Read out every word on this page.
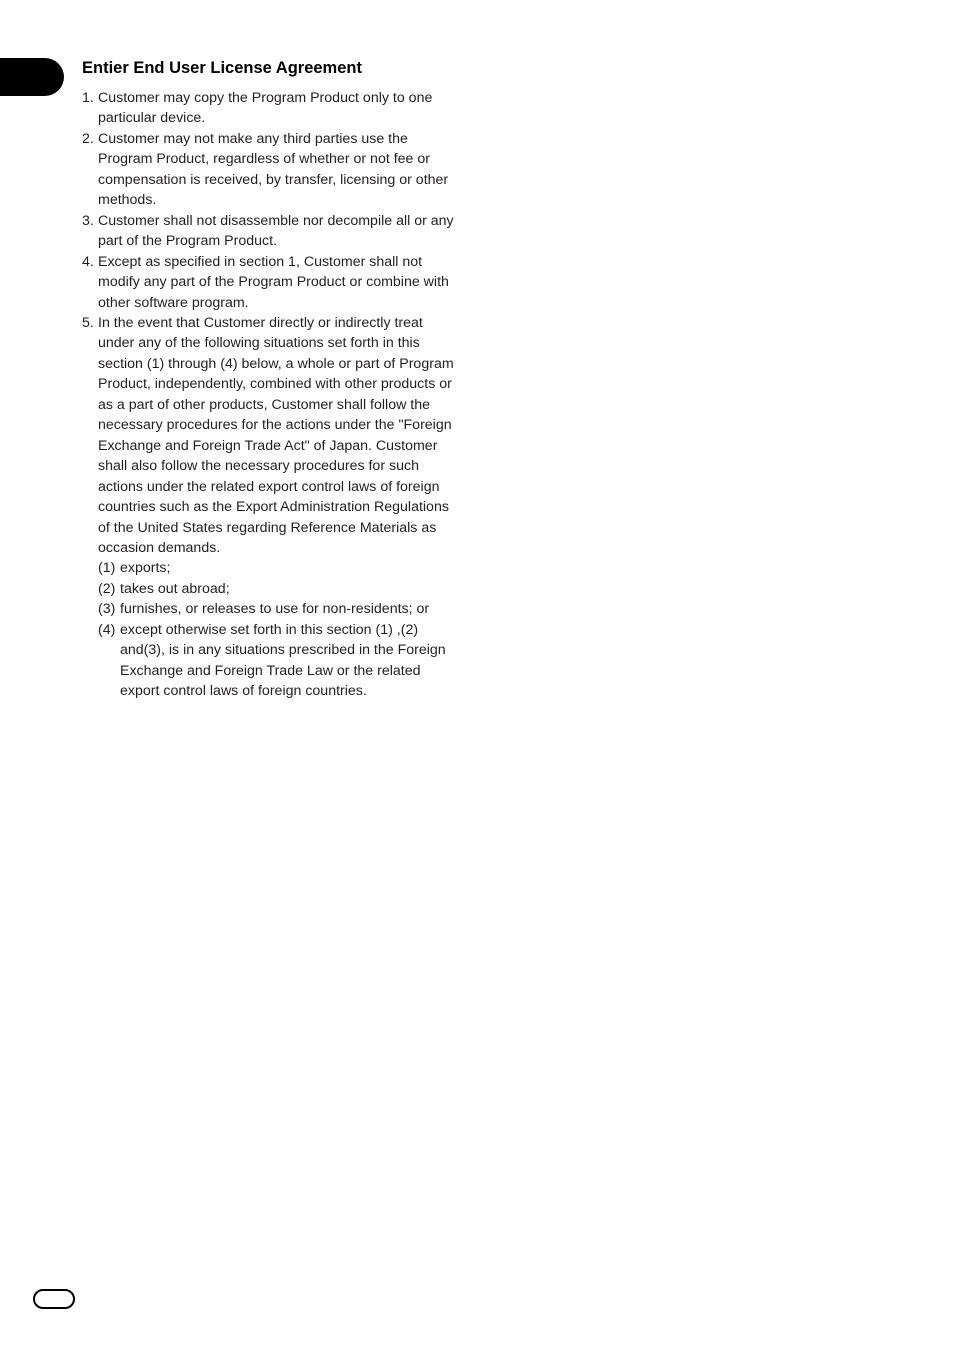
Entier End User License Agreement
1. Customer may copy the Program Product only to one particular device.
2. Customer may not make any third parties use the Program Product, regardless of whether or not fee or compensation is received, by transfer, licensing or other methods.
3. Customer shall not disassemble nor decompile all or any part of the Program Product.
4. Except as specified in section 1, Customer shall not modify any part of the Program Product or combine with other software program.
5. In the event that Customer directly or indirectly treat under any of the following situations set forth in this section (1) through (4) below, a whole or part of Program Product, independently, combined with other products or as a part of other products, Customer shall follow the necessary procedures for the actions under the "Foreign Exchange and Foreign Trade Act" of Japan. Customer shall also follow the necessary procedures for such actions under the related export control laws of foreign countries such as the Export Administration Regulations of the United States regarding Reference Materials as occasion demands.
(1) exports;
(2) takes out abroad;
(3) furnishes, or releases to use for non-residents; or
(4) except otherwise set forth in this section (1) ,(2) and(3), is in any situations prescribed in the Foreign Exchange and Foreign Trade Law or the related export control laws of foreign countries.
